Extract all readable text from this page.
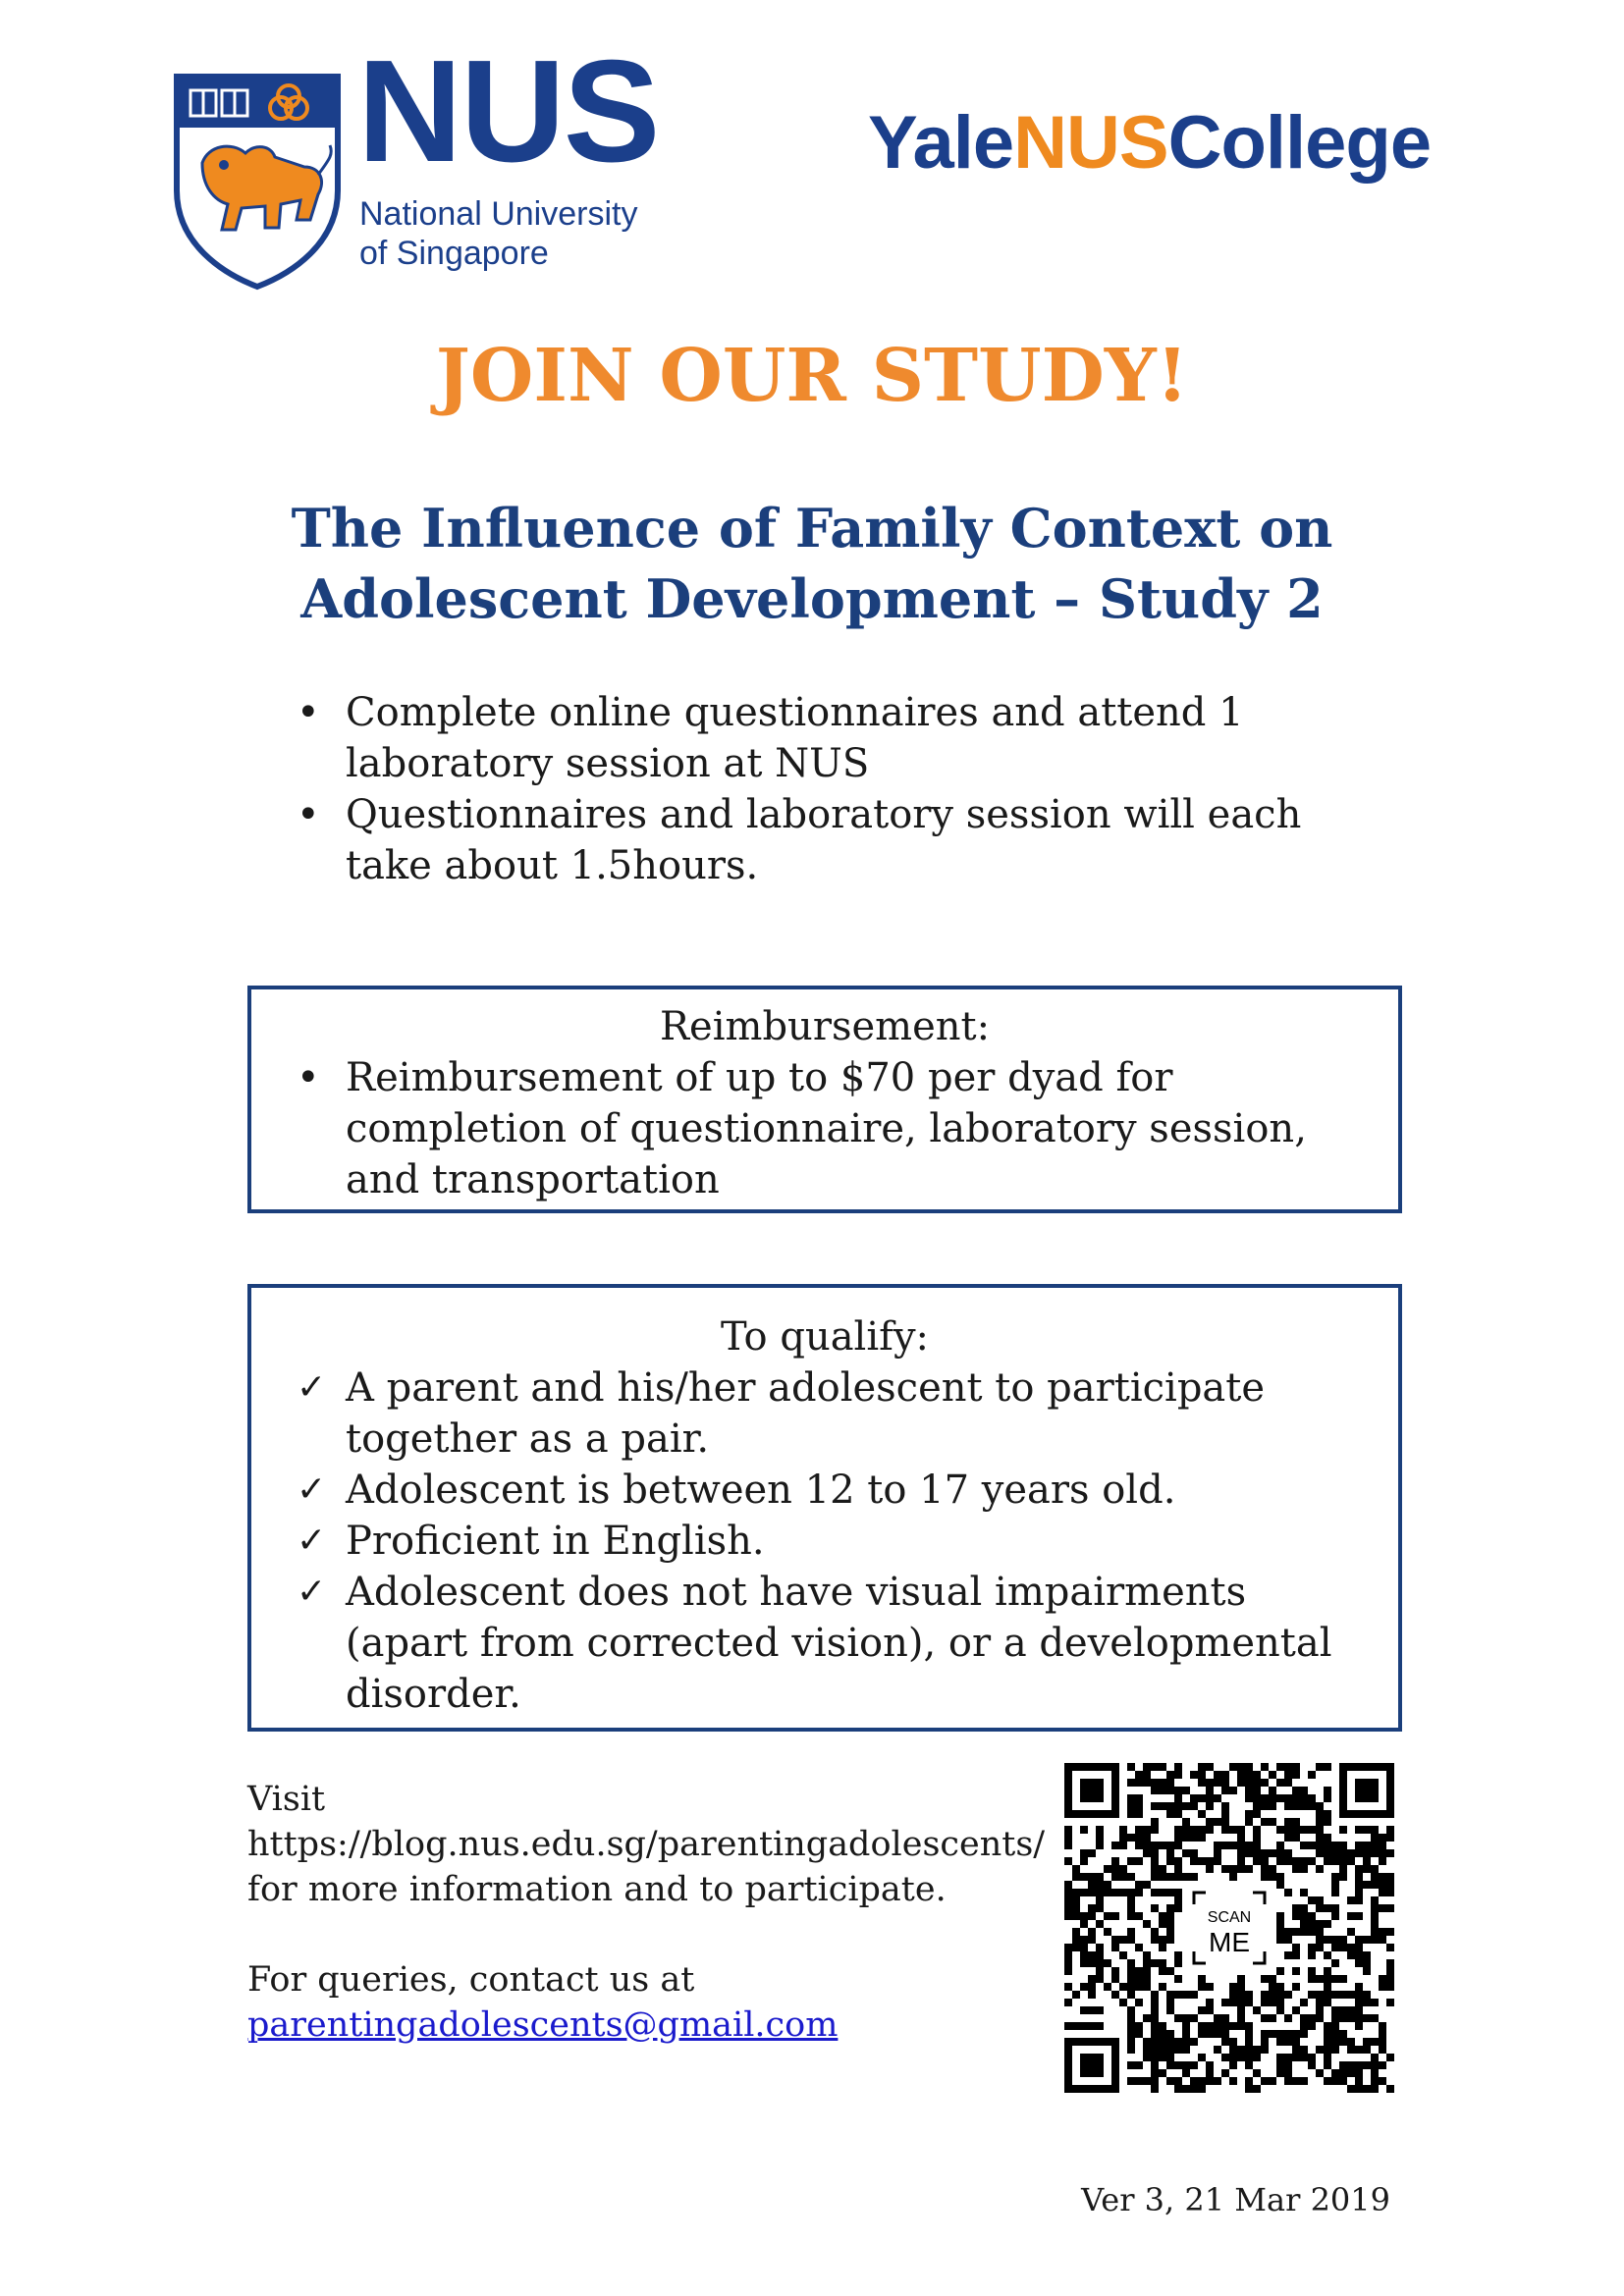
NUS
National University
of Singapore
YaleNUSCollege
JOIN OUR STUDY!
The Influence of Family Context on
Adolescent Development – Study 2
• Complete online questionnaires and attend 1 laboratory session at NUS
• Questionnaires and laboratory session will each take about 1.5hours.
Reimbursement:
• Reimbursement of up to $70 per dyad for completion of questionnaire, laboratory session, and transportation
To qualify:
✓ A parent and his/her adolescent to participate together as a pair.
✓ Adolescent is between 12 to 17 years old.
✓ Proficient in English.
✓ Adolescent does not have visual impairments (apart from corrected vision), or a developmental disorder.
Visit
https://blog.nus.edu.sg/parentingadolescents/
for more information and to participate.
For queries, contact us at
parentingadolescents@gmail.com
SCAN
ME
Ver 3, 21 Mar 2019
